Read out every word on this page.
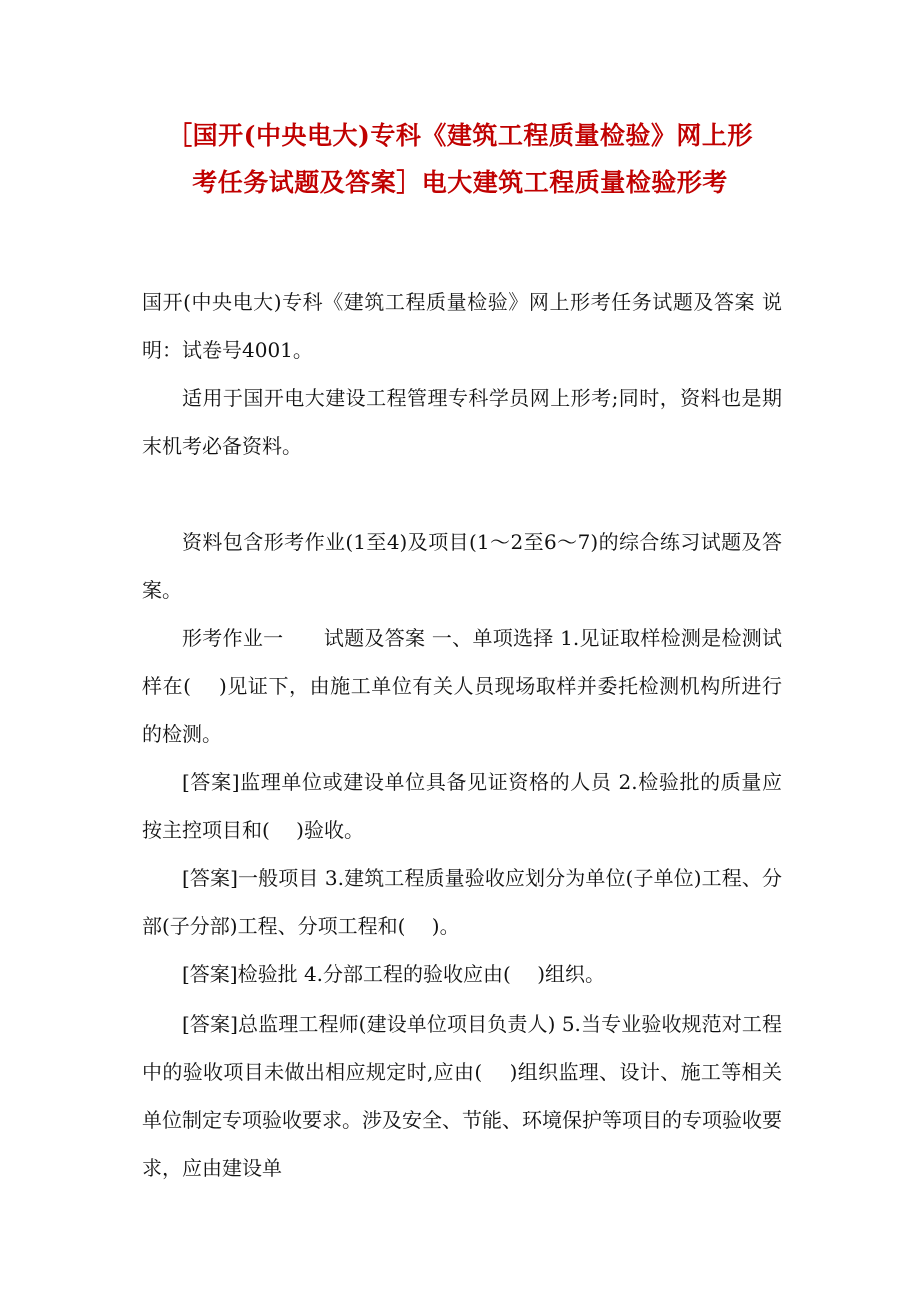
［国开(中央电大)专科《建筑工程质量检验》网上形
考任务试题及答案］电大建筑工程质量检验形考

国开(中央电大)专科《建筑工程质量检验》网上形考任务试题及答案 说明：试卷号4001。

适用于国开电大建设工程管理专科学员网上形考;同时，资料也是期末机考必备资料。

资料包含形考作业(1至4)及项目(1～2至6～7)的综合练习试题及答案。

形考作业一　　试题及答案 一、单项选择 1.见证取样检测是检测试样在(　 )见证下，由施工单位有关人员现场取样并委托检测机构所进行的检测。

[答案]监理单位或建设单位具备见证资格的人员 2.检验批的质量应按主控项目和(　 )验收。

[答案]一般项目 3.建筑工程质量验收应划分为单位(子单位)工程、分部(子分部)工程、分项工程和(　 )。

[答案]检验批 4.分部工程的验收应由(　 )组织。

[答案]总监理工程师(建设单位项目负责人) 5.当专业验收规范对工程中的验收项目未做出相应规定时,应由(　 )组织监理、设计、施工等相关单位制定专项验收要求。涉及安全、节能、环境保护等项目的专项验收要求，应由建设单
